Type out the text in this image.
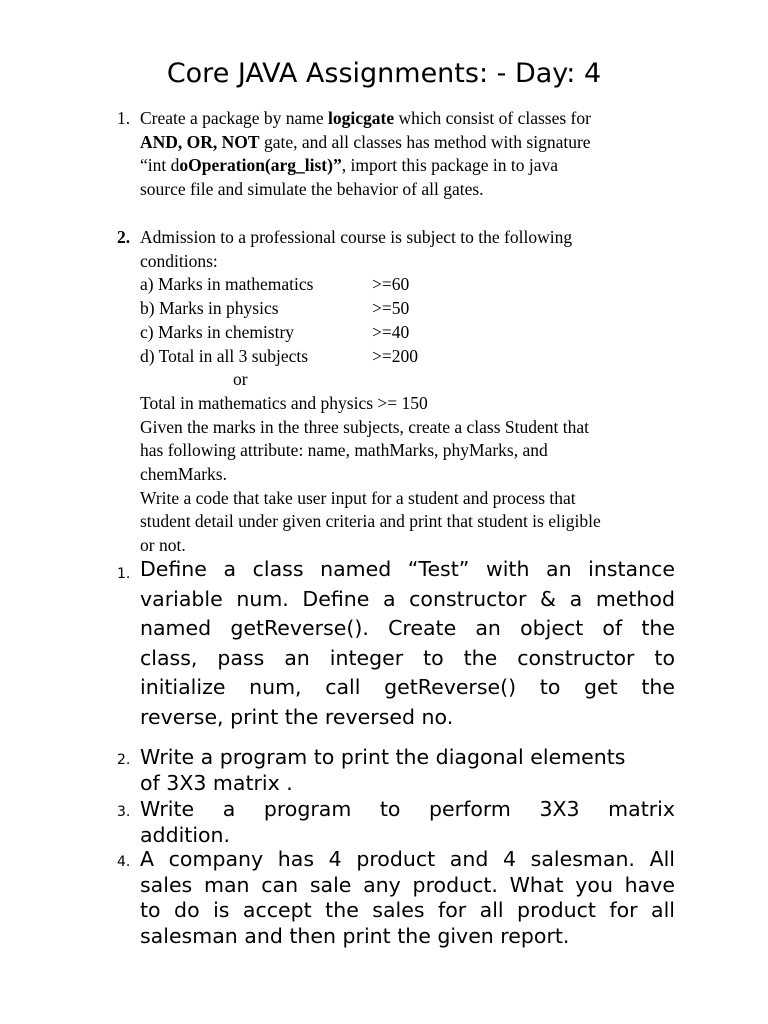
Core JAVA Assignments: - Day: 4
1. Create a package by name logicgate which consist of classes for
AND, OR, NOT gate, and all classes has method with signature
“int doOperation(arg_list)”, import this package in to java
source file and simulate the behavior of all gates.
2. Admission to a professional course is subject to the following
conditions:
a) Marks in mathematics	>=60
b) Marks in physics	>=50
c) Marks in chemistry	>=40
d) Total in all 3 subjects	>=200
or
Total in mathematics and physics >= 150
Given the marks in the three subjects, create a class Student that
has following attribute: name, mathMarks, phyMarks, and
chemMarks.
Write a code that take user input for a student and process that
student detail under given criteria and print that student is eligible
or not.
1. Define a class named “Test” with an instance
variable num. Define a constructor & a method
named getReverse(). Create an object of the
class, pass an integer to the constructor to
initialize num, call getReverse() to get the
reverse, print the reversed no.
2. Write a program to print the diagonal elements
of 3X3 matrix .
3. Write a program to perform 3X3 matrix
addition.
4. A company has 4 product and 4 salesman. All
sales man can sale any product. What you have
to do is accept the sales for all product for all
salesman and then print the given report.
